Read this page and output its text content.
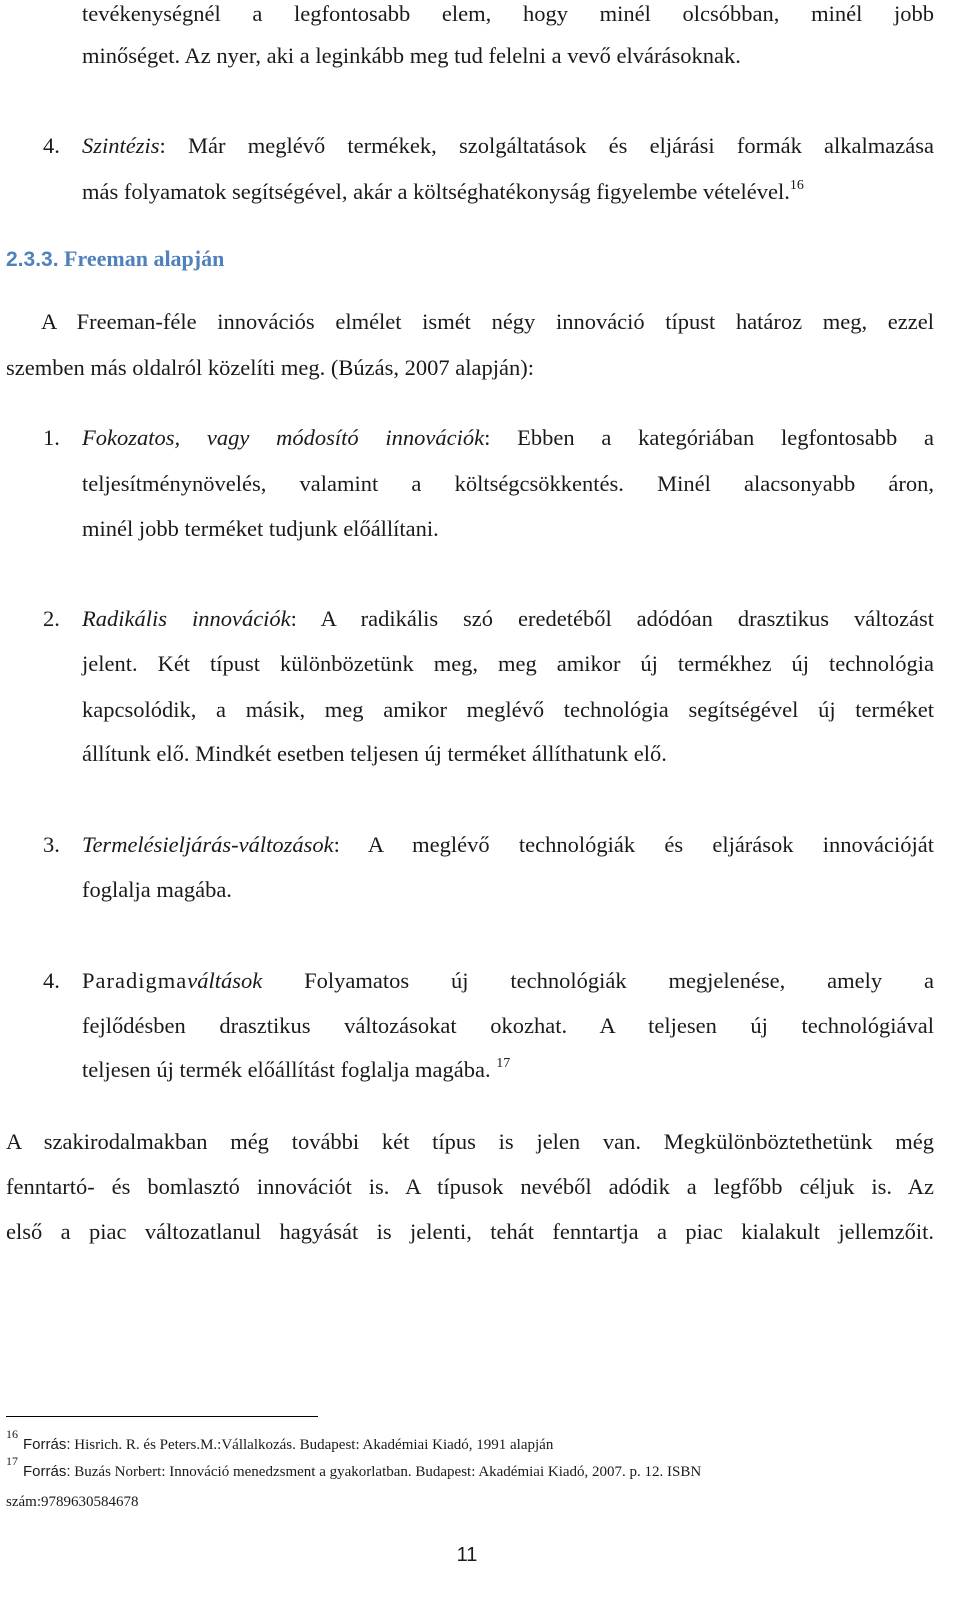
tevékenységnél a legfontosabb elem, hogy minél olcsóbban, minél jobb
minőséget. Az nyer, aki a leginkább meg tud felelni a vevő elvárásoknak.
4. Szintézis: Már meglévő termékek, szolgáltatások és eljárási formák alkalmazása
más folyamatok segítségével, akár a költséghatékonyság figyelembe vételével.$^{16}$
2.3.3. Freeman alapján
A Freeman-féle innovációs elmélet ismét négy innováció típust határoz meg, ezzel
szemben más oldalról közelíti meg. (Búzás, 2007 alapján):
1. Fokozatos, vagy módosító innovációk: Ebben a kategóriában legfontosabb a
teljesítménynövelés, valamint a költségcsökkentés. Minél alacsonyabb áron,
minél jobb terméket tudjunk előállítani.
2. Radikális innovációk: A radikális szó eredetéből adódóan drasztikus változást
jelent. Két típust különbözetünk meg, meg amikor új termékhez új technológia
kapcsolódik, a másik, meg amikor meglévő technológia segítségével új terméket
állítunk elő. Mindkét esetben teljesen új terméket állíthatunk elő.
3. Termelésieljárás-változások: A meglévő technológiák és eljárások innovációját
foglalja magába.
4. Paradigmaváltások Folyamatos új technológiák megjelenése, amely a
fejlődésben drasztikus változásokat okozhat. A teljesen új technológiával
teljesen új termék előállítást foglalja magába. $^{17}$
A szakirodalmakban még további két típus is jelen van. Megkülönböztethetünk még
fenntartó- és bomlasztó innovációt is. A típusok nevéből adódik a legfőbb céljuk is. Az
első a piac változatlanul hagyását is jelenti, tehát fenntartja a piac kialakult jellemzőit.
16
Forrás: Hisrich. R. és Peters.M.:Vállalkozás. Budapest: Akadémiai Kiadó, 1991 alapján
17
Forrás: Buzás Norbert: Innováció menedzsment a gyakorlatban. Budapest: Akadémiai Kiadó, 2007. p. 12. ISBN
szám:9789630584678
11
